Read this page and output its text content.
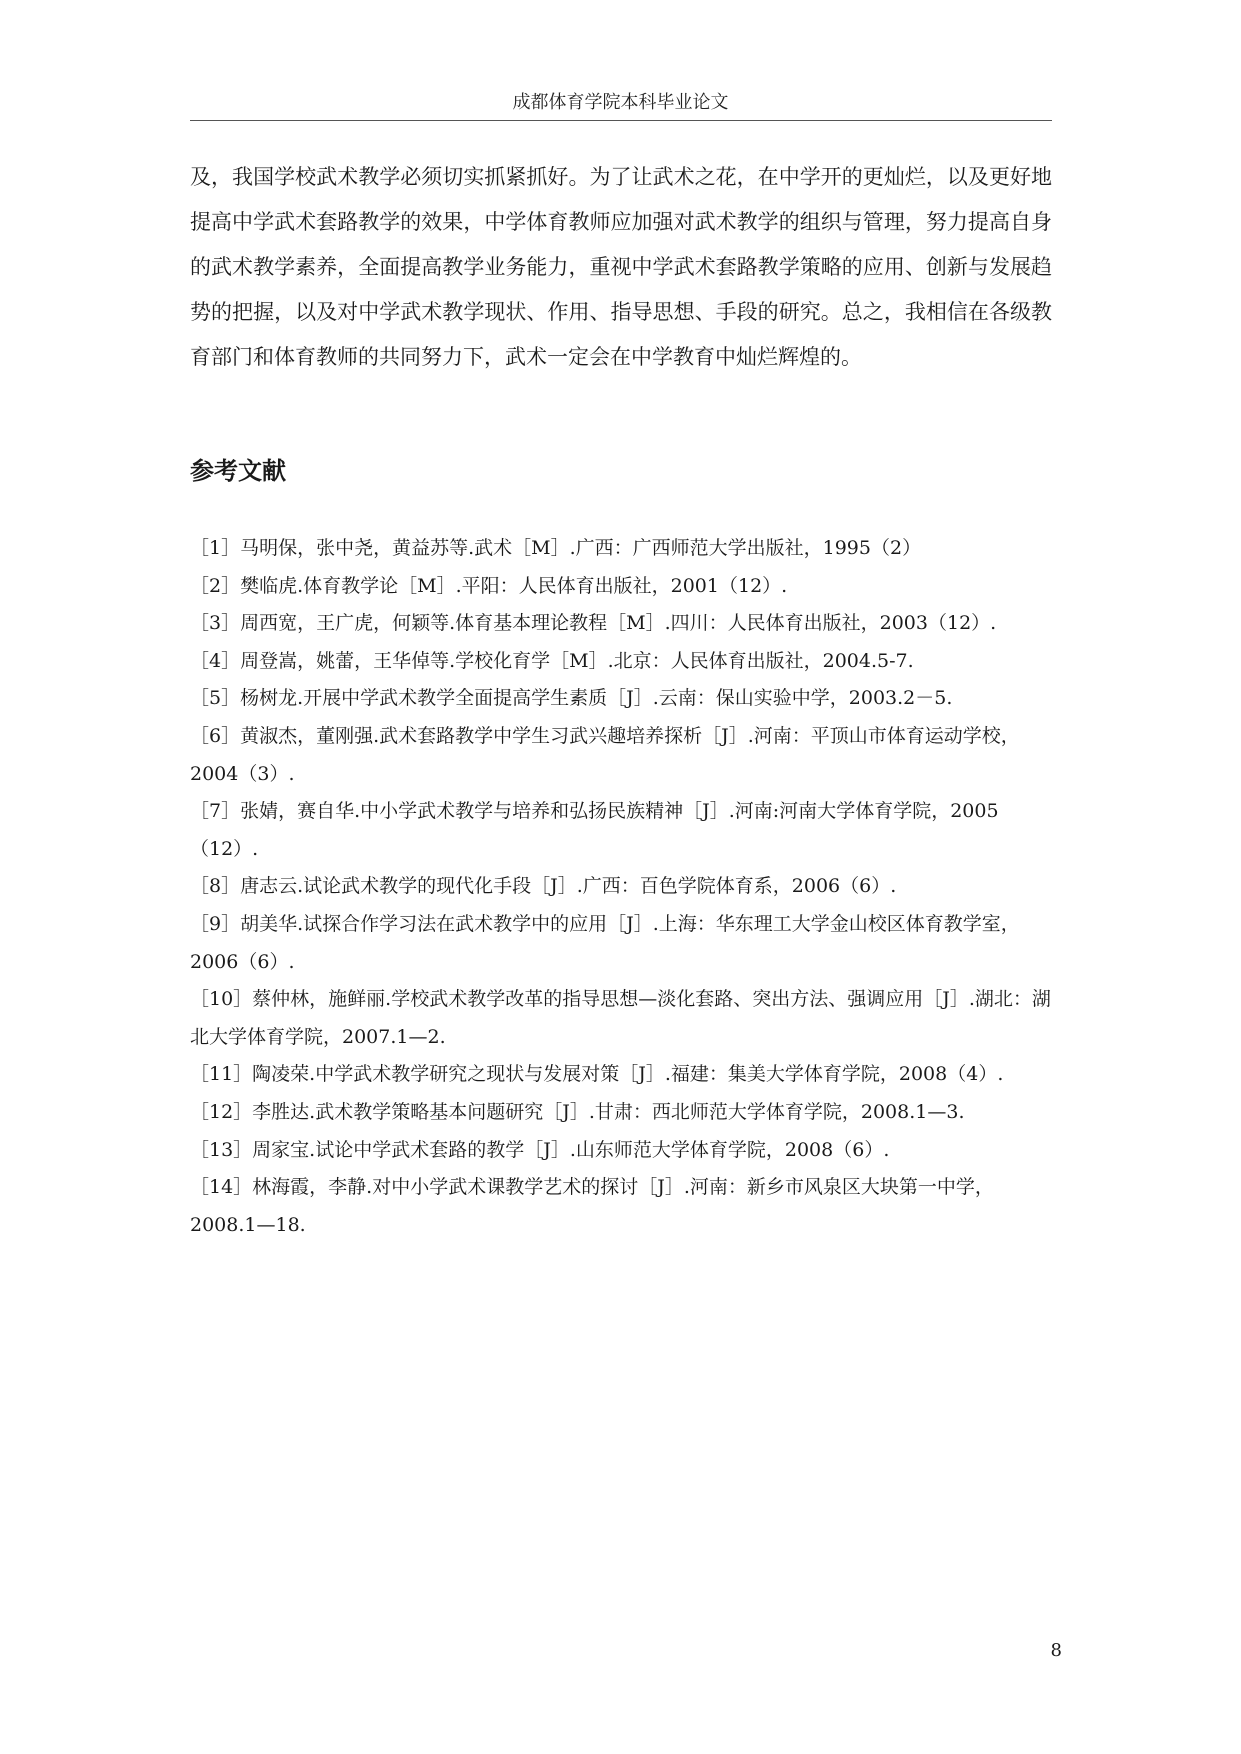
成都体育学院本科毕业论文

及，我国学校武术教学必须切实抓紧抓好。为了让武术之花，在中学开的更灿烂，以及更好地提高中学武术套路教学的效果，中学体育教师应加强对武术教学的组织与管理，努力提高自身的武术教学素养，全面提高教学业务能力，重视中学武术套路教学策略的应用、创新与发展趋势的把握，以及对中学武术教学现状、作用、指导思想、手段的研究。总之，我相信在各级教育部门和体育教师的共同努力下，武术一定会在中学教育中灿烂辉煌的。

参考文献
［1］马明保，张中尧，黄益苏等.武术［M］.广西：广西师范大学出版社，1995（2）
［2］樊临虎.体育教学论［M］.平阳：人民体育出版社，2001（12）.
［3］周西宽，王广虎，何颖等.体育基本理论教程［M］.四川：人民体育出版社，2003（12）.
［4］周登嵩，姚蕾，王华倬等.学校化育学［M］.北京：人民体育出版社，2004.5-7.
［5］杨树龙.开展中学武术教学全面提高学生素质［J］.云南：保山实验中学，2003.2－5.
［6］黄淑杰，董刚强.武术套路教学中学生习武兴趣培养探析［J］.河南：平顶山市体育运动学校，2004（3）.
［7］张婧，赛自华.中小学武术教学与培养和弘扬民族精神［J］.河南:河南大学体育学院，2005（12）.
［8］唐志云.试论武术教学的现代化手段［J］.广西：百色学院体育系，2006（6）.
［9］胡美华.试探合作学习法在武术教学中的应用［J］.上海：华东理工大学金山校区体育教学室，2006（6）.
［10］蔡仲林，施鲜丽.学校武术教学改革的指导思想—淡化套路、突出方法、强调应用［J］.湖北：湖北大学体育学院，2007.1—2.
［11］陶凌荣.中学武术教学研究之现状与发展对策［J］.福建：集美大学体育学院，2008（4）.
［12］李胜达.武术教学策略基本问题研究［J］.甘肃：西北师范大学体育学院，2008.1—3.
［13］周家宝.试论中学武术套路的教学［J］.山东师范大学体育学院，2008（6）.
［14］林海霞，李静.对中小学武术课教学艺术的探讨［J］.河南：新乡市风泉区大块第一中学，2008.1—18.
8
